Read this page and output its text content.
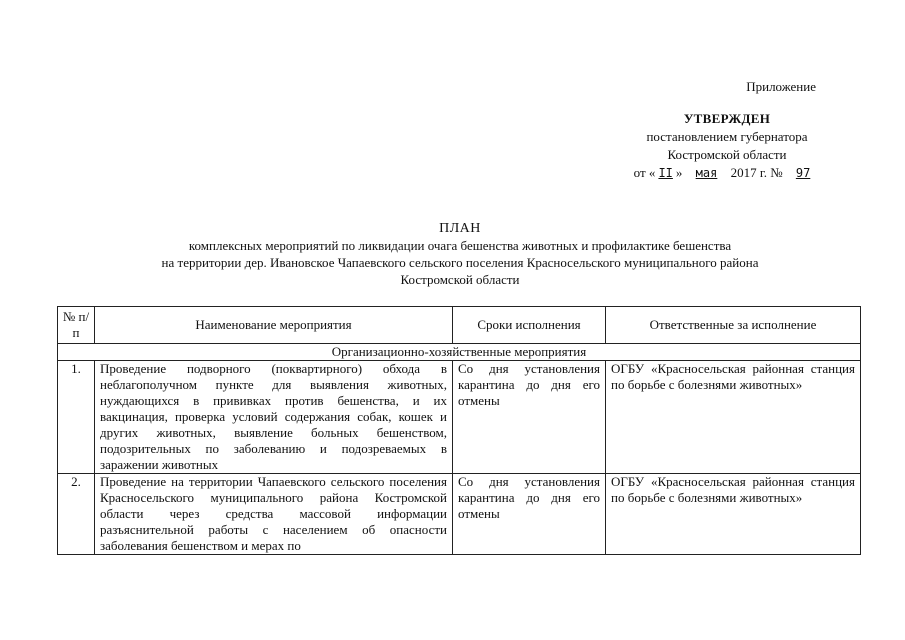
Приложение
УТВЕРЖДЕН
постановлением губернатора
Костромской области
от « II » мая 2017 г. № 97
ПЛАН
комплексных мероприятий по ликвидации очага бешенства животных и профилактике бешенства
на территории дер. Ивановское Чапаевского сельского поселения Красносельского муниципального района
Костромской области
№ п/п	Наименование мероприятия	Сроки исполнения	Ответственные за исполнение
Организационно-хозяйственные мероприятия			
1.	Проведение подворного (поквартирного) обхода в неблагополучном пункте для выявления животных, нуждающихся в прививках против бешенства, и их вакцинация, проверка условий содержания собак, кошек и других животных, выявление больных бешенством, подозрительных по заболеванию и подозреваемых в заражении животных	Со дня установления карантина до дня его отмены	ОГБУ «Красносельская районная станция по борьбе с болезнями животных»
2.	Проведение на территории Чапаевского сельского поселения Красносельского муниципального района Костромской области через средства массовой информации разъяснительной работы с населением об опасности заболевания бешенством и мерах по	Со дня установления карантина до дня его отмены	ОГБУ «Красносельская районная станция по борьбе с болезнями животных»
